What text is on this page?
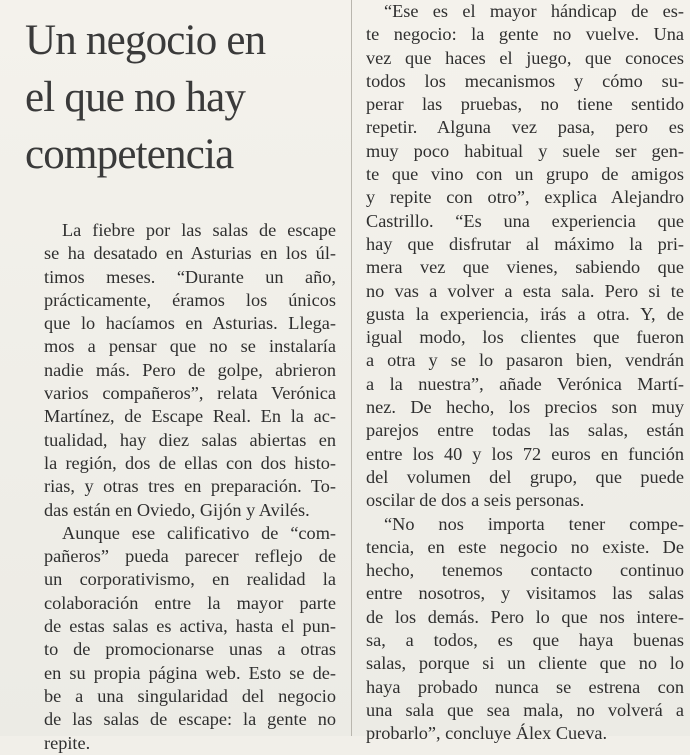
Un negocio en
el que no hay
competencia
La fiebre por las salas de escape
se ha desatado en Asturias en los úl-
timos meses. “Durante un año,
prácticamente, éramos los únicos
que lo hacíamos en Asturias. Llega-
mos a pensar que no se instalaría
nadie más. Pero de golpe, abrieron
varios compañeros”, relata Verónica
Martínez, de Escape Real. En la ac-
tualidad, hay diez salas abiertas en
la región, dos de ellas con dos histo-
rias, y otras tres en preparación. To-
das están en Oviedo, Gijón y Avilés.
Aunque ese calificativo de “com-
pañeros” pueda parecer reflejo de
un corporativismo, en realidad la
colaboración entre la mayor parte
de estas salas es activa, hasta el pun-
to de promocionarse unas a otras
en su propia página web. Esto se de-
be a una singularidad del negocio
de las salas de escape: la gente no
repite.
“Ese es el mayor hándicap de es-
te negocio: la gente no vuelve. Una
vez que haces el juego, que conoces
todos los mecanismos y cómo su-
perar las pruebas, no tiene sentido
repetir. Alguna vez pasa, pero es
muy poco habitual y suele ser gen-
te que vino con un grupo de amigos
y repite con otro”, explica Alejandro
Castrillo. “Es una experiencia que
hay que disfrutar al máximo la pri-
mera vez que vienes, sabiendo que
no vas a volver a esta sala. Pero si te
gusta la experiencia, irás a otra. Y, de
igual modo, los clientes que fueron
a otra y se lo pasaron bien, vendrán
a la nuestra”, añade Verónica Martí-
nez. De hecho, los precios son muy
parejos entre todas las salas, están
entre los 40 y los 72 euros en función
del volumen del grupo, que puede
oscilar de dos a seis personas.
“No nos importa tener compe-
tencia, en este negocio no existe. De
hecho, tenemos contacto continuo
entre nosotros, y visitamos las salas
de los demás. Pero lo que nos intere-
sa, a todos, es que haya buenas
salas, porque si un cliente que no lo
haya probado nunca se estrena con
una sala que sea mala, no volverá a
probarlo”, concluye Álex Cueva.
